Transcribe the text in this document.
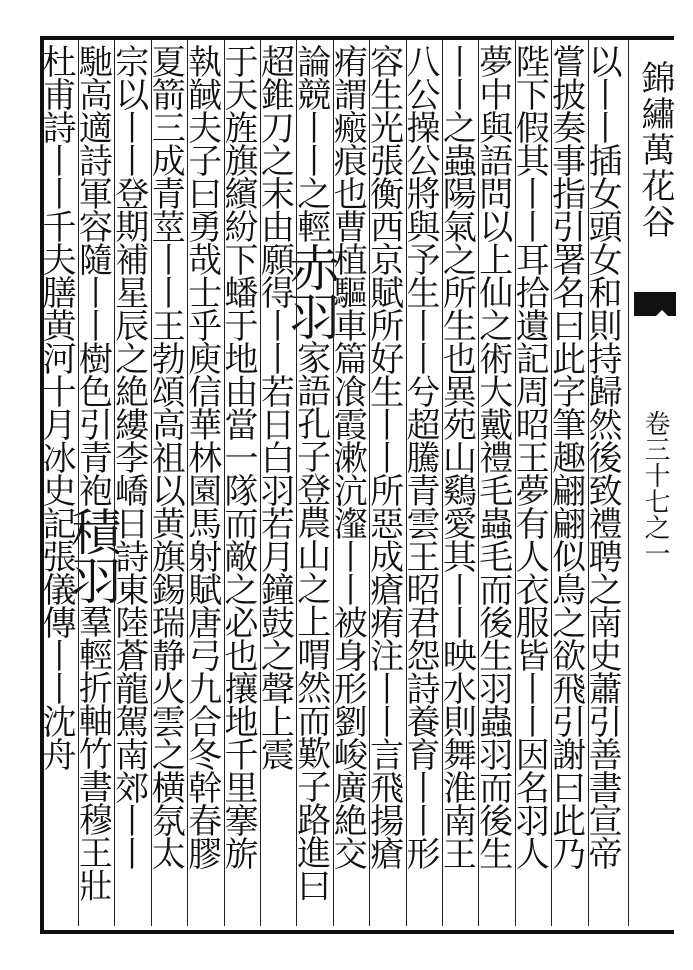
錦繡萬花谷
卷三十七之一
以丨丨插女頭女和則持歸然後致禮聘之南史蕭引善書宣帝
嘗披奏事指引署名曰此字筆趣翩翩似鳥之欲飛引謝曰此乃
陛下假其丨丨耳拾遺記周昭王夢有人衣服皆丨丨因名羽人
夢中與語問以上仙之術大戴禮毛蟲毛而後生羽蟲羽而後生
丨丨之蟲陽氣之所生也異苑山鷄愛其丨丨映水則舞淮南王
八公操公將與予生丨丨兮超騰青雲王昭君怨詩養育丨丨形
容生光張衡西京賦所好生丨丨所惡成瘡痏注丨丨言飛揚瘡
痏謂瘢痕也曹植驅車篇飡霞漱沆瀣丨丨被身形劉峻廣絶交
論競丨丨之輕赤羽家語孔子登農山之上喟然而歎子路進曰
超錐刀之末由願得丨丨若日白羽若月鐘鼓之聲上震
于天旌旗繽紛下蟠于地由當一隊而敵之必也攘地千里搴旂
執馘夫子曰勇哉士乎庾信華林園馬射賦唐弓九合冬幹春膠
夏箭三成青莖丨丨王勃頌高祖以黄旗錫瑞静火雲之横氛太
宗以丨丨登期補星辰之絶縷李嶠日詩東陸蒼龍駕南郊丨丨
馳高適詩軍容隨丨丨樹色引青袍積羽羣輕折軸竹書穆王壯
杜甫詩丨丨千夫膳黄河十月冰史記張儀傳丨丨沈舟
